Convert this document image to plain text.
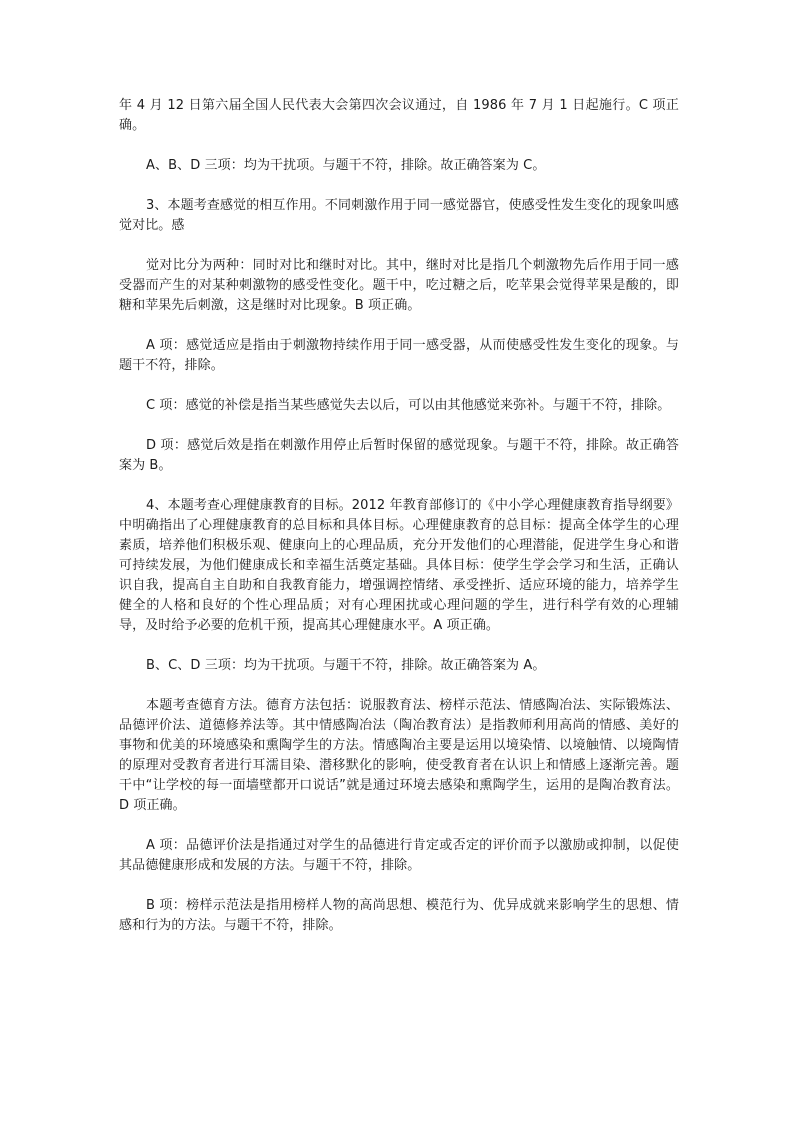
年 4 月 12 日第六届全国人民代表大会第四次会议通过，自 1986 年 7 月 1 日起施行。C 项正确。

A、B、D 三项：均为干扰项。与题干不符，排除。故正确答案为 C。

3、本题考查感觉的相互作用。不同刺激作用于同一感觉器官，使感受性发生变化的现象叫感觉对比。感

觉对比分为两种：同时对比和继时对比。其中，继时对比是指几个刺激物先后作用于同一感受器而产生的对某种刺激物的感受性变化。题干中，吃过糖之后，吃苹果会觉得苹果是酸的，即糖和苹果先后刺激，这是继时对比现象。B 项正确。

A 项：感觉适应是指由于刺激物持续作用于同一感受器，从而使感受性发生变化的现象。与题干不符，排除。

C 项：感觉的补偿是指当某些感觉失去以后，可以由其他感觉来弥补。与题干不符，排除。

D 项：感觉后效是指在刺激作用停止后暂时保留的感觉现象。与题干不符，排除。故正确答案为 B。

4、本题考查心理健康教育的目标。2012 年教育部修订的《中小学心理健康教育指导纲要》中明确指出了心理健康教育的总目标和具体目标。心理健康教育的总目标：提高全体学生的心理素质，培养他们积极乐观、健康向上的心理品质，充分开发他们的心理潜能，促进学生身心和谐可持续发展，为他们健康成长和幸福生活奠定基础。具体目标：使学生学会学习和生活，正确认识自我，提高自主自助和自我教育能力，增强调控情绪、承受挫折、适应环境的能力，培养学生健全的人格和良好的个性心理品质；对有心理困扰或心理问题的学生，进行科学有效的心理辅导，及时给予必要的危机干预，提高其心理健康水平。A 项正确。

B、C、D 三项：均为干扰项。与题干不符，排除。故正确答案为 A。

本题考查德育方法。德育方法包括：说服教育法、榜样示范法、情感陶冶法、实际锻炼法、品德评价法、道德修养法等。其中情感陶冶法（陶冶教育法）是指教师利用高尚的情感、美好的事物和优美的环境感染和熏陶学生的方法。情感陶冶主要是运用以境染情、以境触情、以境陶情的原理对受教育者进行耳濡目染、潜移默化的影响，使受教育者在认识上和情感上逐渐完善。题干中“让学校的每一面墙壁都开口说话”就是通过环境去感染和熏陶学生，运用的是陶冶教育法。D 项正确。

A 项：品德评价法是指通过对学生的品德进行肯定或否定的评价而予以激励或抑制，以促使其品德健康形成和发展的方法。与题干不符，排除。

B 项：榜样示范法是指用榜样人物的高尚思想、模范行为、优异成就来影响学生的思想、情感和行为的方法。与题干不符，排除。
